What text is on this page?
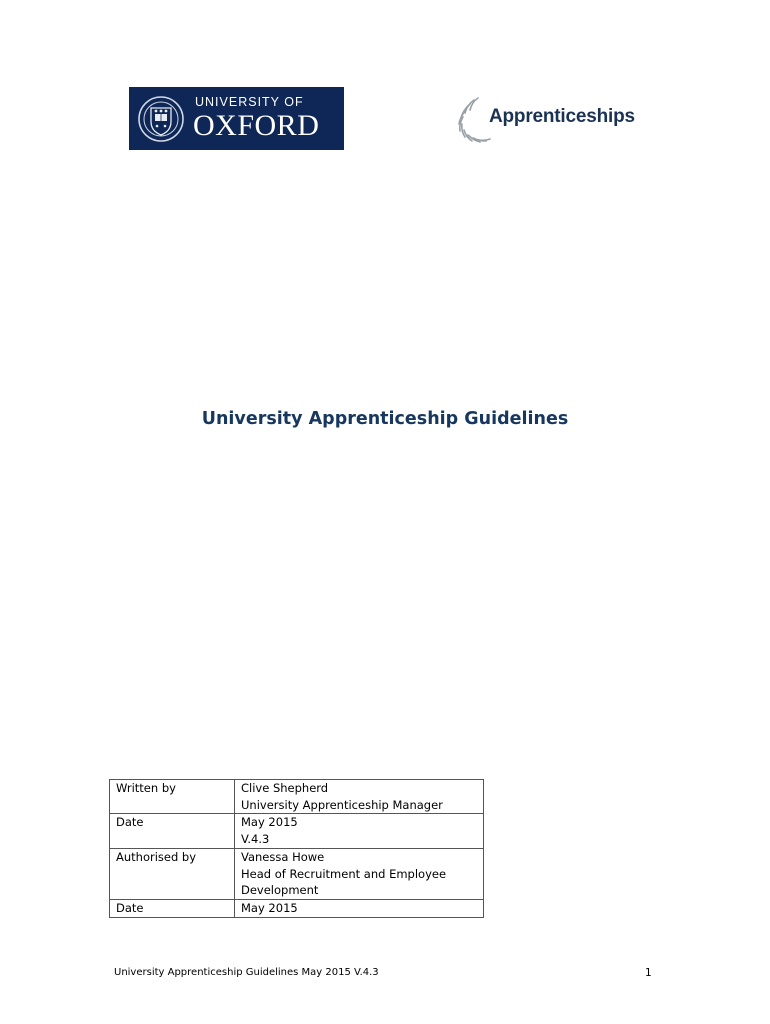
UNIVERSITY OF
OXFORD	Apprenticeships
University Apprenticeship Guidelines
Written by	Clive Shepherd
University Apprenticeship Manager

Date	May 2015
V.4.3

Authorised by	Vanessa Howe
Head of Recruitment and Employee Development

Date	May 2015
University Apprenticeship Guidelines May 2015 V.4.3	1
